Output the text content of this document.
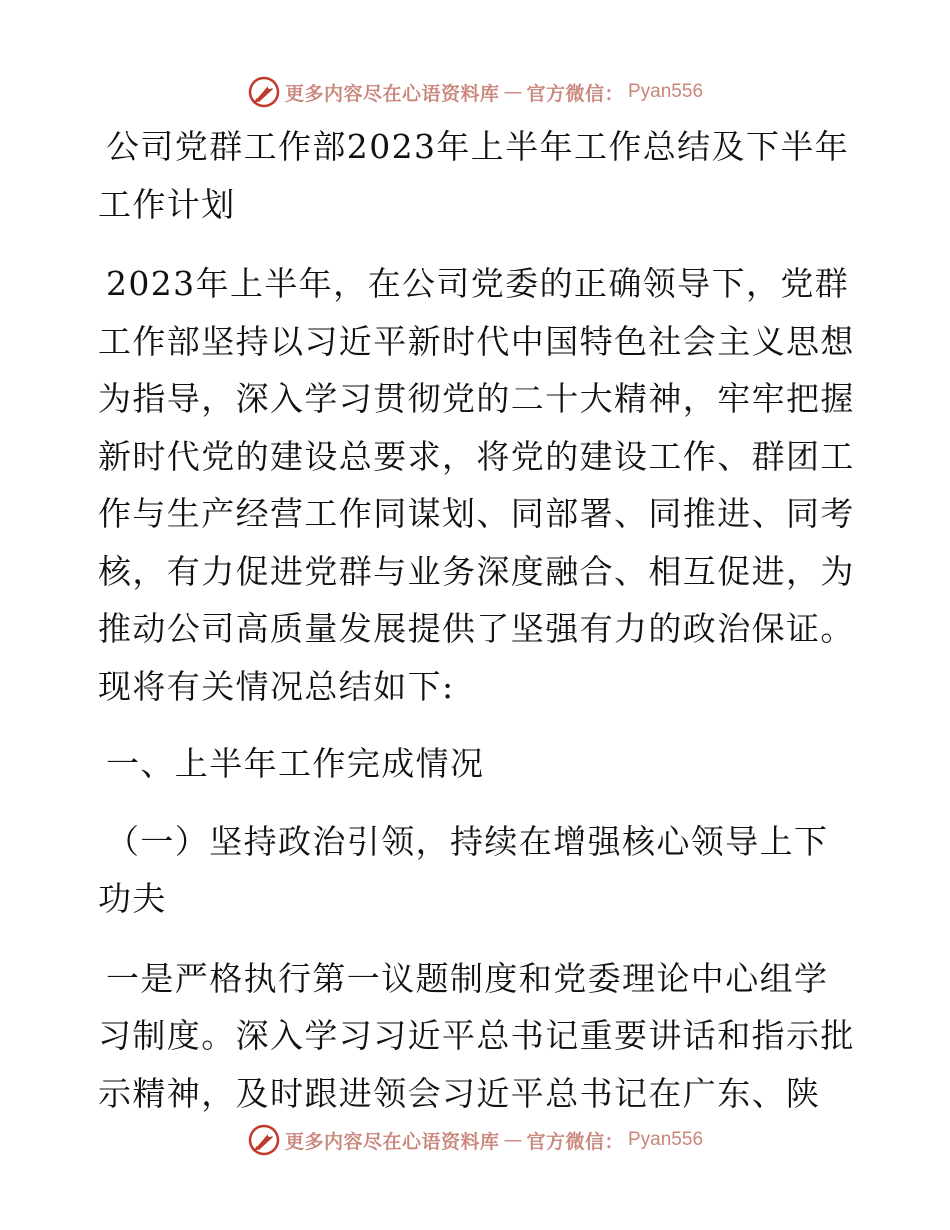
更多内容尽在心语资料库 — 官方微信： Pyan556

公司党群工作部2023年上半年工作总结及下半年

工作计划

2023年上半年，在公司党委的正确领导下，党群

工作部坚持以习近平新时代中国特色社会主义思想

为指导，深入学习贯彻党的二十大精神，牢牢把握

新时代党的建设总要求，将党的建设工作、群团工

作与生产经营工作同谋划、同部署、同推进、同考

核，有力促进党群与业务深度融合、相互促进，为

推动公司高质量发展提供了坚强有力的政治保证。

现将有关情况总结如下:

一、上半年工作完成情况

（一）坚持政治引领，持续在增强核心领导上下

功夫

一是严格执行第一议题制度和党委理论中心组学

习制度。深入学习习近平总书记重要讲话和指示批

示精神，及时跟进领会习近平总书记在广东、陕

更多内容尽在心语资料库 — 官方微信： Pyan556
